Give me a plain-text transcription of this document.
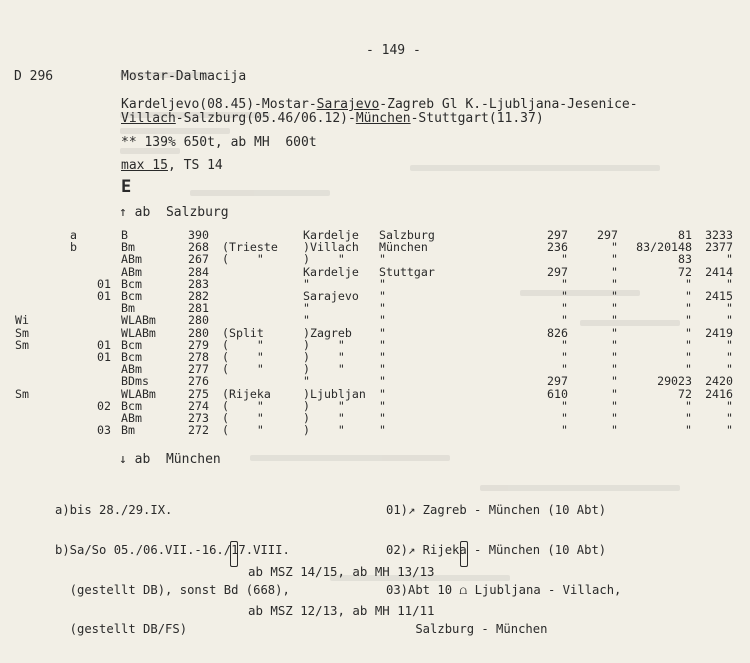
- 149 -
D 296	Mostar-Dalmacija
Kardeljevo(08.45)-Mostar-Sarajevo-Zagreb Gl K.-Ljubljana-Jesenice-
Villach-Salzburg(05.46/06.12)-München-Stuttgart(11.37)
** 139% 650t, ab MH  600t
max 15, TS 14
E
↑ ab  Salzburg
a	B	390	Kardelje	Salzburg	297	297	81	3233
b	Bm	268	(Trieste	)Villach	München	236	"	83/20148	2377
ABm	267	(    "	)    "	"	"	"	83	"
ABm	284	Kardelje	Stuttgar	297	"	72	2414
01 Bcm	283	"	"	"	"	"	"
01 Bcm	282	Sarajevo	"	"	"	"	2415
Bm	281	"	"	"	"	"	"
Wi	WLABm	280	"	"	"	"	"	"
Sm	WLABm	280	(Split	)Zagreb	"	826	"	"	2419
Sm	01 Bcm	279	(    "	)    "	"	"	"	"	"
01 Bcm	278	(    "	)    "	"	"	"	"	"
ABm	277	(    "	)    "	"	"	"	"	"
BDms	276	"	"	297	"	29023	2420
Sm	WLABm	275	(Rijeka	)Ljubljan	"	610	"	72	2416
02 Bcm	274	(    "	)    "	"	"	"	"	"
ABm	273	(    "	)    "	"	"	"	"	"
03 Bm	272	(    "	)    "	"	"	"	"	"
↓ ab  München

a)bis 28./29.IX.

b)Sa/So 05./06.VII.-16./17.VIII.

(gestellt DB), sonst Bd (668),

(gestellt DB/FS)

01)↗ Zagreb - München (10 Abt)

02)↗ Rijeka - München (10 Abt)

03)Abt 10 ⩍ Ljubljana - Villach,

Salzburg - München

ab MSZ 14/15, ab MH 13/13

ab MSZ 12/13, ab MH 11/11
